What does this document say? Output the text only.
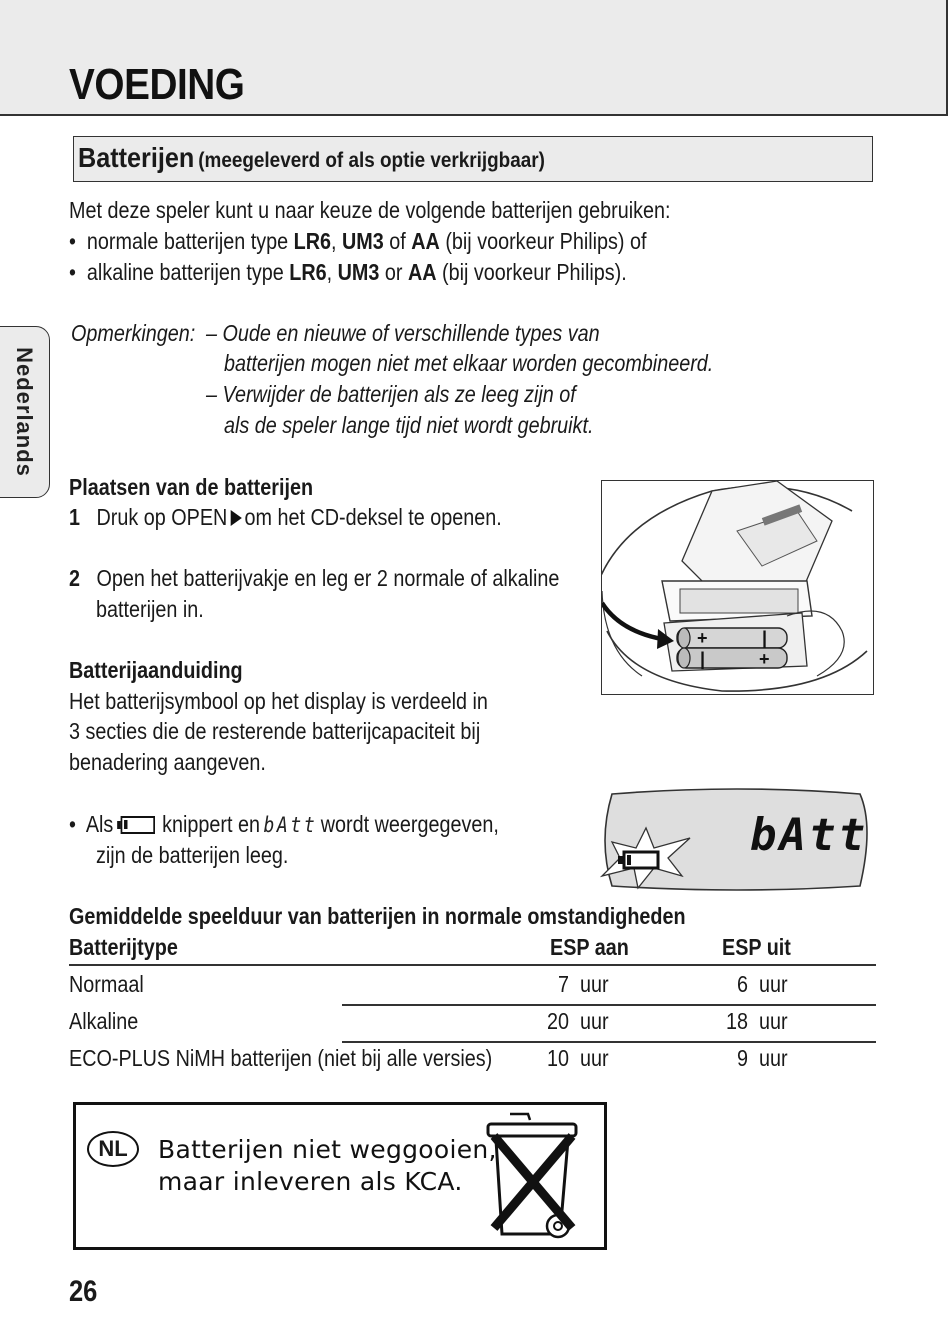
VOEDING
Nederlands
Batterijen (meegeleverd of als optie verkrijgbaar)
Met deze speler kunt u naar keuze de volgende batterijen gebruiken:
• normale batterijen type LR6, UM3 of AA (bij voorkeur Philips) of
• alkaline batterijen type LR6, UM3 or AA (bij voorkeur Philips).
Opmerkingen: – Oude en nieuwe of verschillende types van
batterijen mogen niet met elkaar worden gecombineerd.
– Verwijder de batterijen als ze leeg zijn of
als de speler lange tijd niet wordt gebruikt.
Plaatsen van de batterijen
1 Druk op OPEN om het CD-deksel te openen.
2 Open het batterijvakje en leg er 2 normale of alkaline
batterijen in.
+	|
|	+
Batterijaanduiding
Het batterijsymbool op het display is verdeeld in
3 secties die de resterende batterijcapaciteit bij
benadering aangeven.
• Als knippert en bAtt wordt weergegeven,
zijn de batterijen leeg.	bAtt
Gemiddelde speelduur van batterijen in normale omstandigheden
Batterijtype	ESP aan	ESP uit
Normaal	7 uur	6 uur
Alkaline	20 uur	18 uur
ECO-PLUS NiMH batterijen (niet bij alle versies) 10 uur	9 uur
NL	Batterijen niet weggooien,
maar inleveren als KCA.
26
